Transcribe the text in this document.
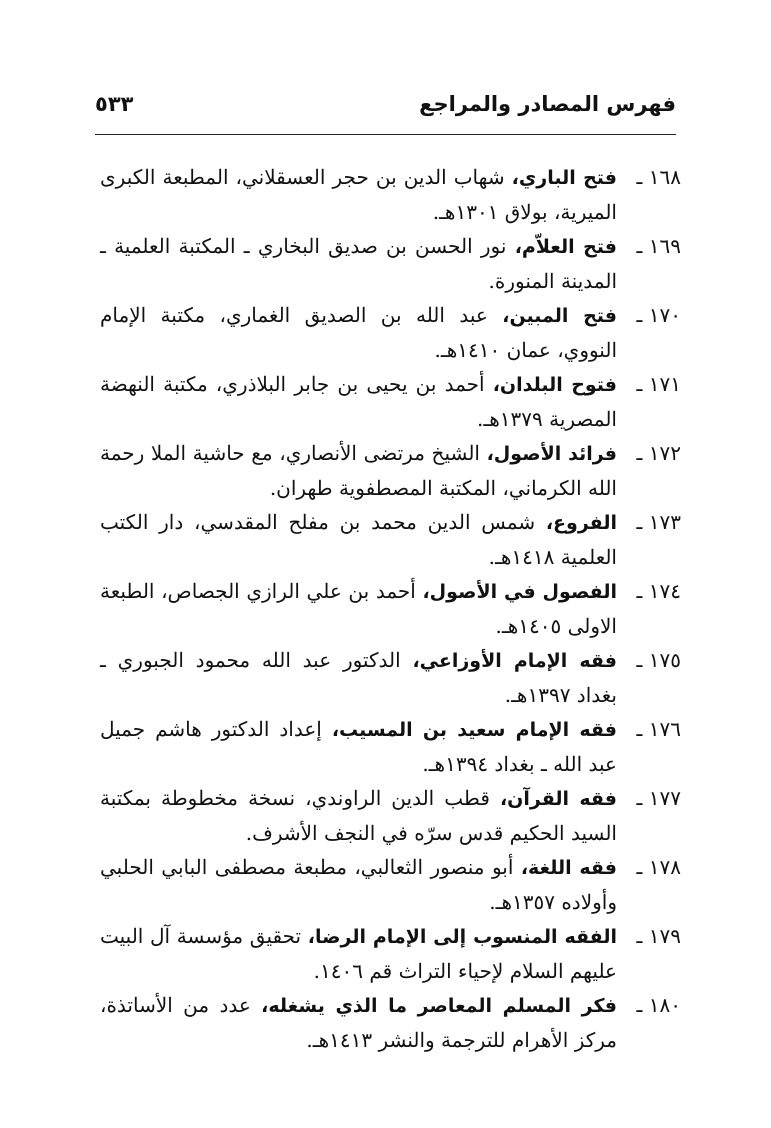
فهرس المصادر والمراجع
٥٣٣
١٦٨ ـ
فتح الباري، شهاب الدين بن حجر العسقلاني، المطبعة الكبرى الميرية، بولاق ١٣٠١هـ.
١٦٩ ـ
فتح العلاّم، نور الحسن بن صديق البخاري ـ المكتبة العلمية ـ المدينة المنورة.
١٧٠ ـ
فتح المبين، عبد الله بن الصديق الغماري، مكتبة الإمام النووي، عمان ١٤١٠هـ.
١٧١ ـ
فتوح البلدان، أحمد بن يحيى بن جابر البلاذري، مكتبة النهضة المصرية ١٣٧٩هـ.
١٧٢ ـ
فرائد الأصول، الشيخ مرتضى الأنصاري، مع حاشية الملا رحمة الله الكرماني، المكتبة المصطفوية طهران.
١٧٣ ـ
الفروع، شمس الدين محمد بن مفلح المقدسي، دار الكتب العلمية ١٤١٨هـ.
١٧٤ ـ
الفصول في الأصول، أحمد بن علي الرازي الجصاص، الطبعة الاولى ١٤٠٥هـ.
١٧٥ ـ
فقه الإمام الأوزاعي، الدكتور عبد الله محمود الجبوري ـ بغداد ١٣٩٧هـ.
١٧٦ ـ
فقه الإمام سعيد بن المسيب، إعداد الدكتور هاشم جميل عبد الله ـ بغداد ١٣٩٤هـ.
١٧٧ ـ
فقه القرآن، قطب الدين الراوندي، نسخة مخطوطة بمكتبة السيد الحكيم قدس سرّه في النجف الأشرف.
١٧٨ ـ
فقه اللغة، أبو منصور الثعالبي، مطبعة مصطفى البابي الحلبي وأولاده ١٣٥٧هـ.
١٧٩ ـ
الفقه المنسوب إلى الإمام الرضا، تحقيق مؤسسة آل البيت عليهم السلام لإحياء التراث قم ١٤٠٦.
١٨٠ ـ
فكر المسلم المعاصر ما الذي يشغله، عدد من الأساتذة، مركز الأهرام للترجمة والنشر ١٤١٣هـ.
